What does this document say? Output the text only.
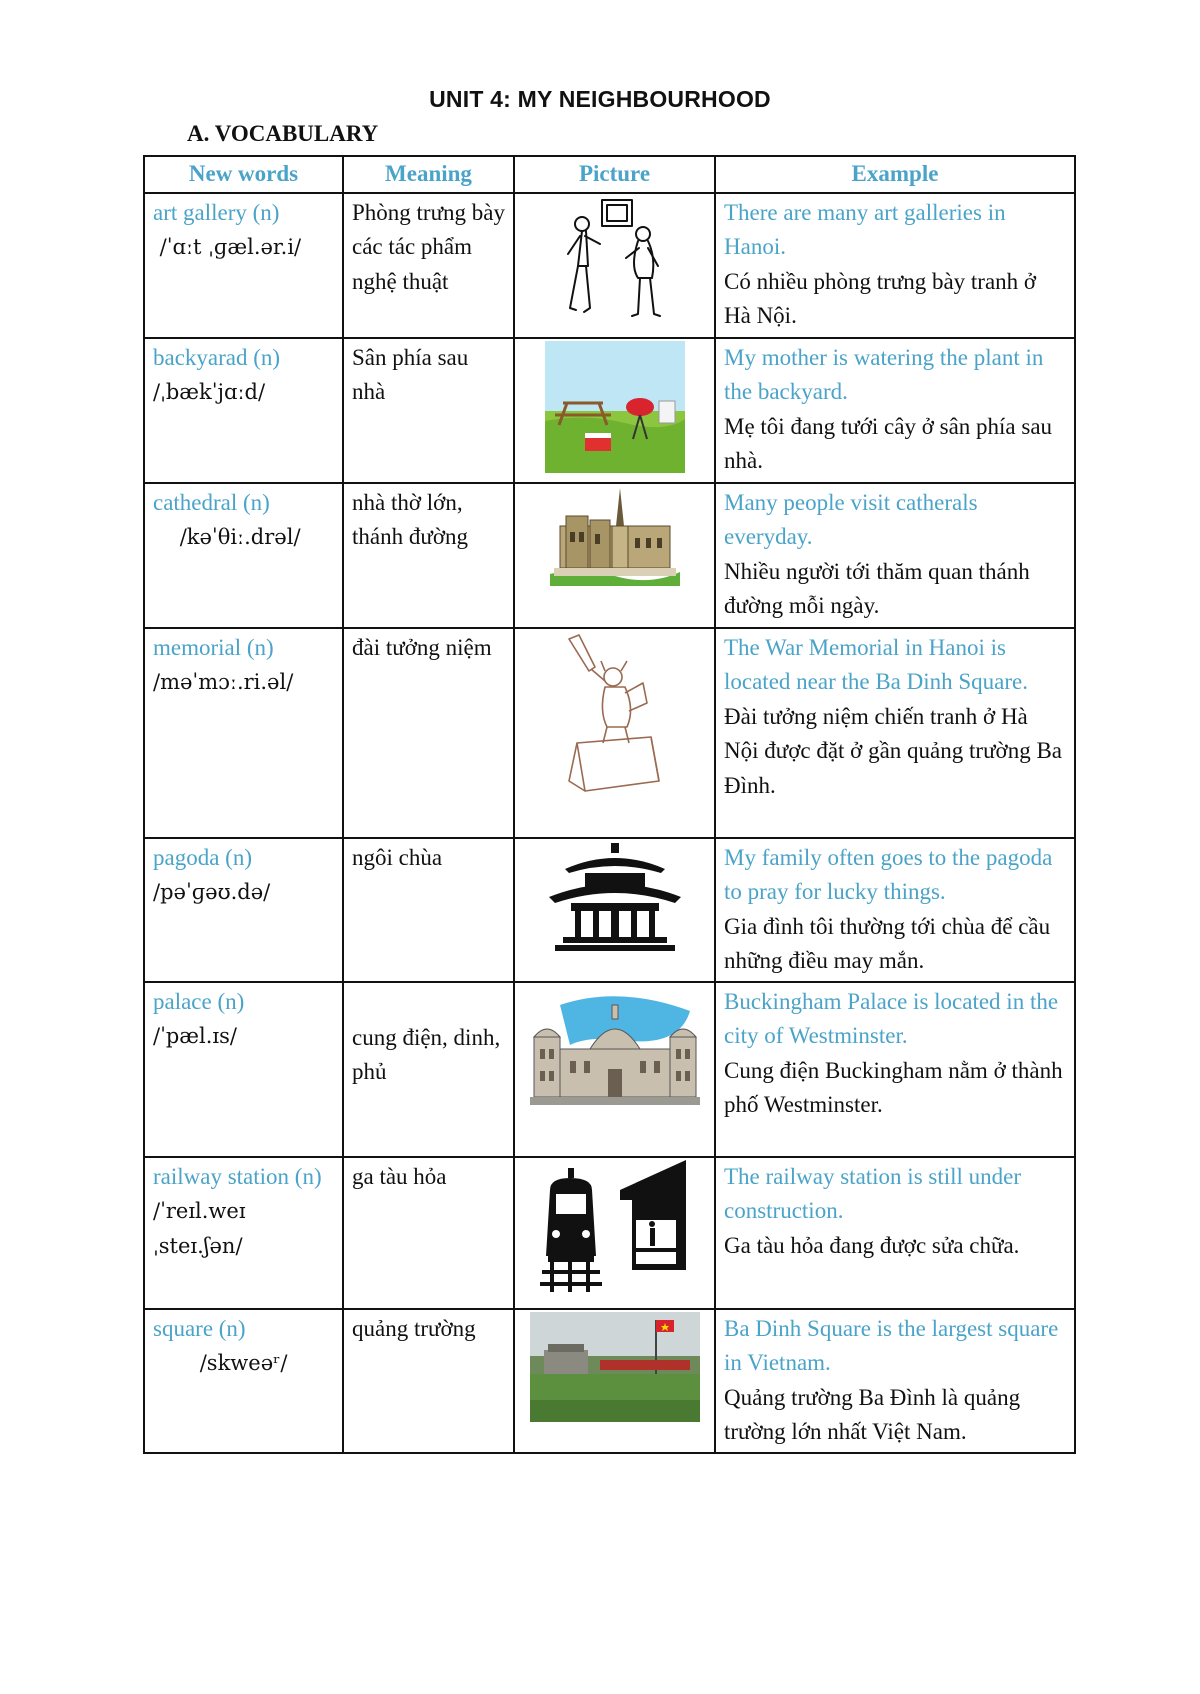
UNIT 4: MY NEIGHBOURHOOD
A. VOCABULARY
New words	Meaning	Picture	Example
art gallery (n)
/ˈɑːt ˌɡæl.ər.i/	Phòng trưng bày các tác phẩm nghệ thuật		There are many art galleries in Hanoi.
Có nhiều phòng trưng bày tranh ở Hà Nội.

backyarad (n)
/ˌbækˈjɑːd/	Sân phía sau nhà		My mother is watering the plant in the backyard.
Mẹ tôi đang tưới cây ở sân phía sau nhà.

cathedral (n)
/kəˈθiː.drəl/	nhà thờ lớn, thánh đường		Many people visit catherals everyday.
Nhiều người tới thăm quan thánh đường mỗi ngày.

memorial (n)
/məˈmɔː.ri.əl/	đài tưởng niệm		The War Memorial in Hanoi is located near the Ba Dinh Square.
Đài tưởng niệm chiến tranh ở Hà Nội được đặt ở gần quảng trường Ba Đình.

pagoda (n)
/pəˈɡəʊ.də/	ngôi chùa		My family often goes to the pagoda to pray for lucky things.
Gia đình tôi thường tới chùa để cầu những điều may mắn.

palace (n)
/ˈpæl.ɪs/	cung điện, dinh, phủ		Buckingham Palace is located in the city of Westminster.
Cung điện Buckingham nằm ở thành phố Westminster.

railway station (n)
/ˈreɪl.weɪ ˌsteɪ.ʃən/	ga tàu hỏa		The railway station is still under construction.
Ga tàu hỏa đang được sửa chữa.

square (n)
/skweəʳ/	quảng trường		Ba Dinh Square is the largest square in Vietnam.
Quảng trường Ba Đình là quảng trường lớn nhất Việt Nam.
